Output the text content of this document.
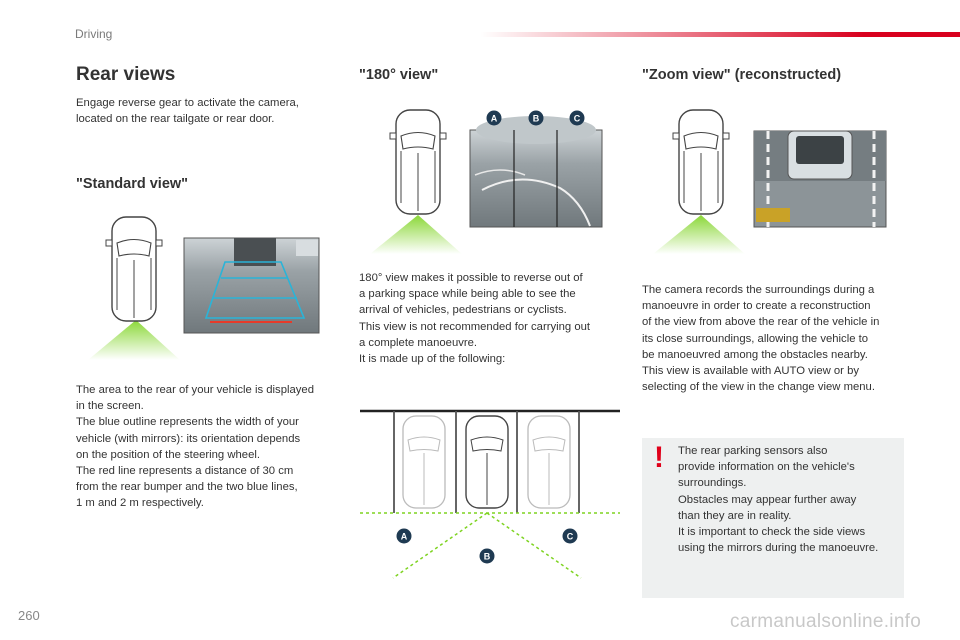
Driving
Rear views
Engage reverse gear to activate the camera,
located on the rear tailgate or rear door.
"Standard view"
The area to the rear of your vehicle is displayed
in the screen.
The blue outline represents the width of your
vehicle (with mirrors): its orientation depends
on the position of the steering wheel.
The red line represents a distance of 30 cm
from the rear bumper and the two blue lines,
1 m and 2 m respectively.
"180° view"
A	B	C
180° view makes it possible to reverse out of
a parking space while being able to see the
arrival of vehicles, pedestrians or cyclists.
This view is not recommended for carrying out
a complete manoeuvre.
It is made up of the following:
A
B
C
"Zoom view" (reconstructed)
The camera records the surroundings during a
manoeuvre in order to create a reconstruction
of the view from above the rear of the vehicle in
its close surroundings, allowing the vehicle to
be manoeuvred among the obstacles nearby.
This view is available with AUTO view or by
selecting of the view in the change view menu.
! The rear parking sensors also
provide information on the vehicle's
surroundings.
Obstacles may appear further away
than they are in reality.
It is important to check the side views
using the mirrors during the manoeuvre.
260	carmanualsonline.info
